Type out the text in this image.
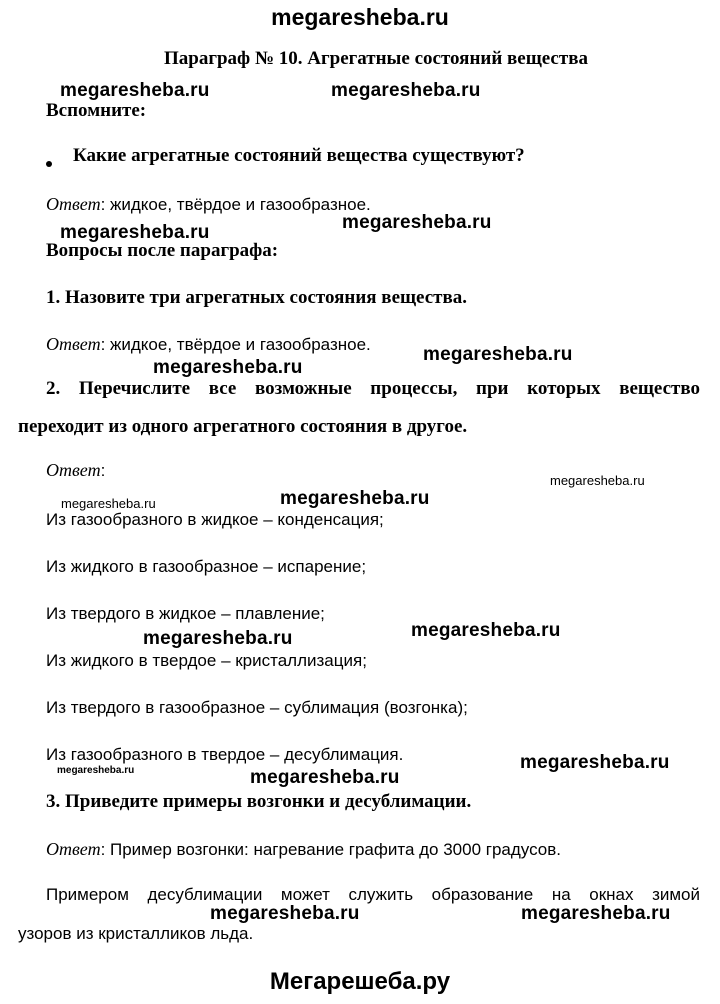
megaresheba.ru
Параграф № 10. Агрегатные состояний вещества
megaresheba.ru	megaresheba.ru
Вспомните:
Какие агрегатные состояний вещества существуют?
Ответ: жидкое, твёрдое и газообразное.
megaresheba.ru
megaresheba.ru
Вопросы после параграфа:
1. Назовите три агрегатных состояния вещества.
Ответ: жидкое, твёрдое и газообразное.	megaresheba.ru
megaresheba.ru
2. Перечислите все возможные процессы, при которых вещество
переходит из одного агрегатного состояния в другое.
Ответ:
megaresheba.ru
megaresheba.ru
megaresheba.ru
Из газообразного в жидкое – конденсация;
Из жидкого в газообразное – испарение;
Из твердого в жидкое – плавление;
megaresheba.ru
megaresheba.ru
Из жидкого в твердое – кристаллизация;
Из твердого в газообразное – сублимация (возгонка);
Из газообразного в твердое – десублимация.	megaresheba.ru
megaresheba.ru	megaresheba.ru
3. Приведите примеры возгонки и десублимации.
Ответ: Пример возгонки: нагревание графита до 3000 градусов.
Примером десублимации может служить образование на окнах зимой
megaresheba.ru	megaresheba.ru
узоров из кристалликов льда.
Мегарешеба.ру
